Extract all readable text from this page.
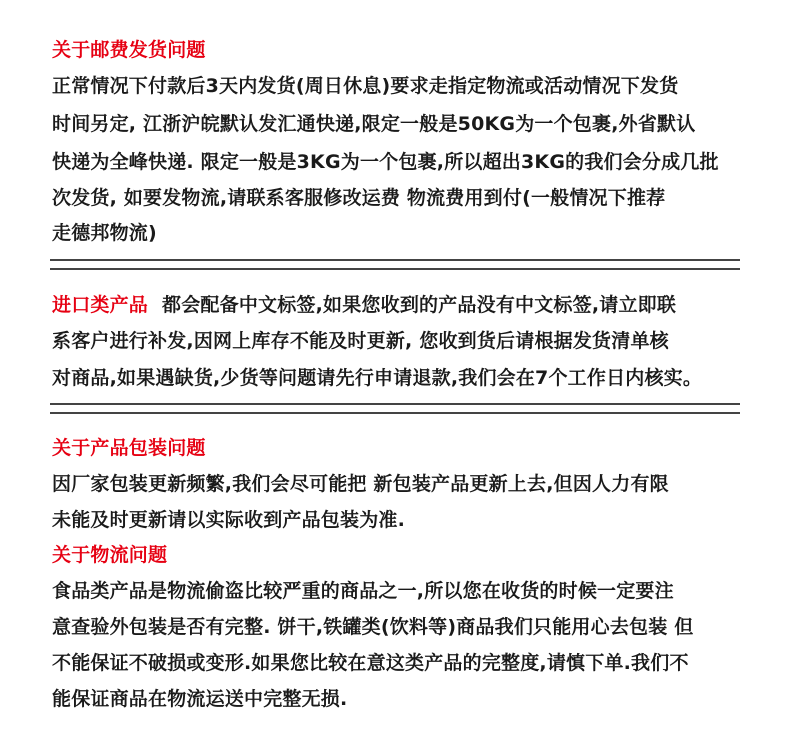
关于邮费发货问题
正常情况下付款后3天内发货(周日休息)要求走指定物流或活动情况下发货
时间另定, 江浙沪皖默认发汇通快递,限定一般是50KG为一个包裹,外省默认
快递为全峰快递. 限定一般是3KG为一个包裹,所以超出3KG的我们会分成几批
次发货, 如要发物流,请联系客服修改运费 物流费用到付(一般情况下推荐
走德邦物流)
进口类产品 都会配备中文标签,如果您收到的产品没有中文标签,请立即联
系客户进行补发,因网上库存不能及时更新, 您收到货后请根据发货清单核
对商品,如果遇缺货,少货等问题请先行申请退款,我们会在7个工作日内核实。
关于产品包装问题
因厂家包装更新频繁,我们会尽可能把 新包装产品更新上去,但因人力有限
未能及时更新请以实际收到产品包装为准.
关于物流问题
食品类产品是物流偷盗比较严重的商品之一,所以您在收货的时候一定要注
意查验外包装是否有完整. 饼干,铁罐类(饮料等)商品我们只能用心去包装 但
不能保证不破损或变形.如果您比较在意这类产品的完整度,请慎下单.我们不
能保证商品在物流运送中完整无损.
